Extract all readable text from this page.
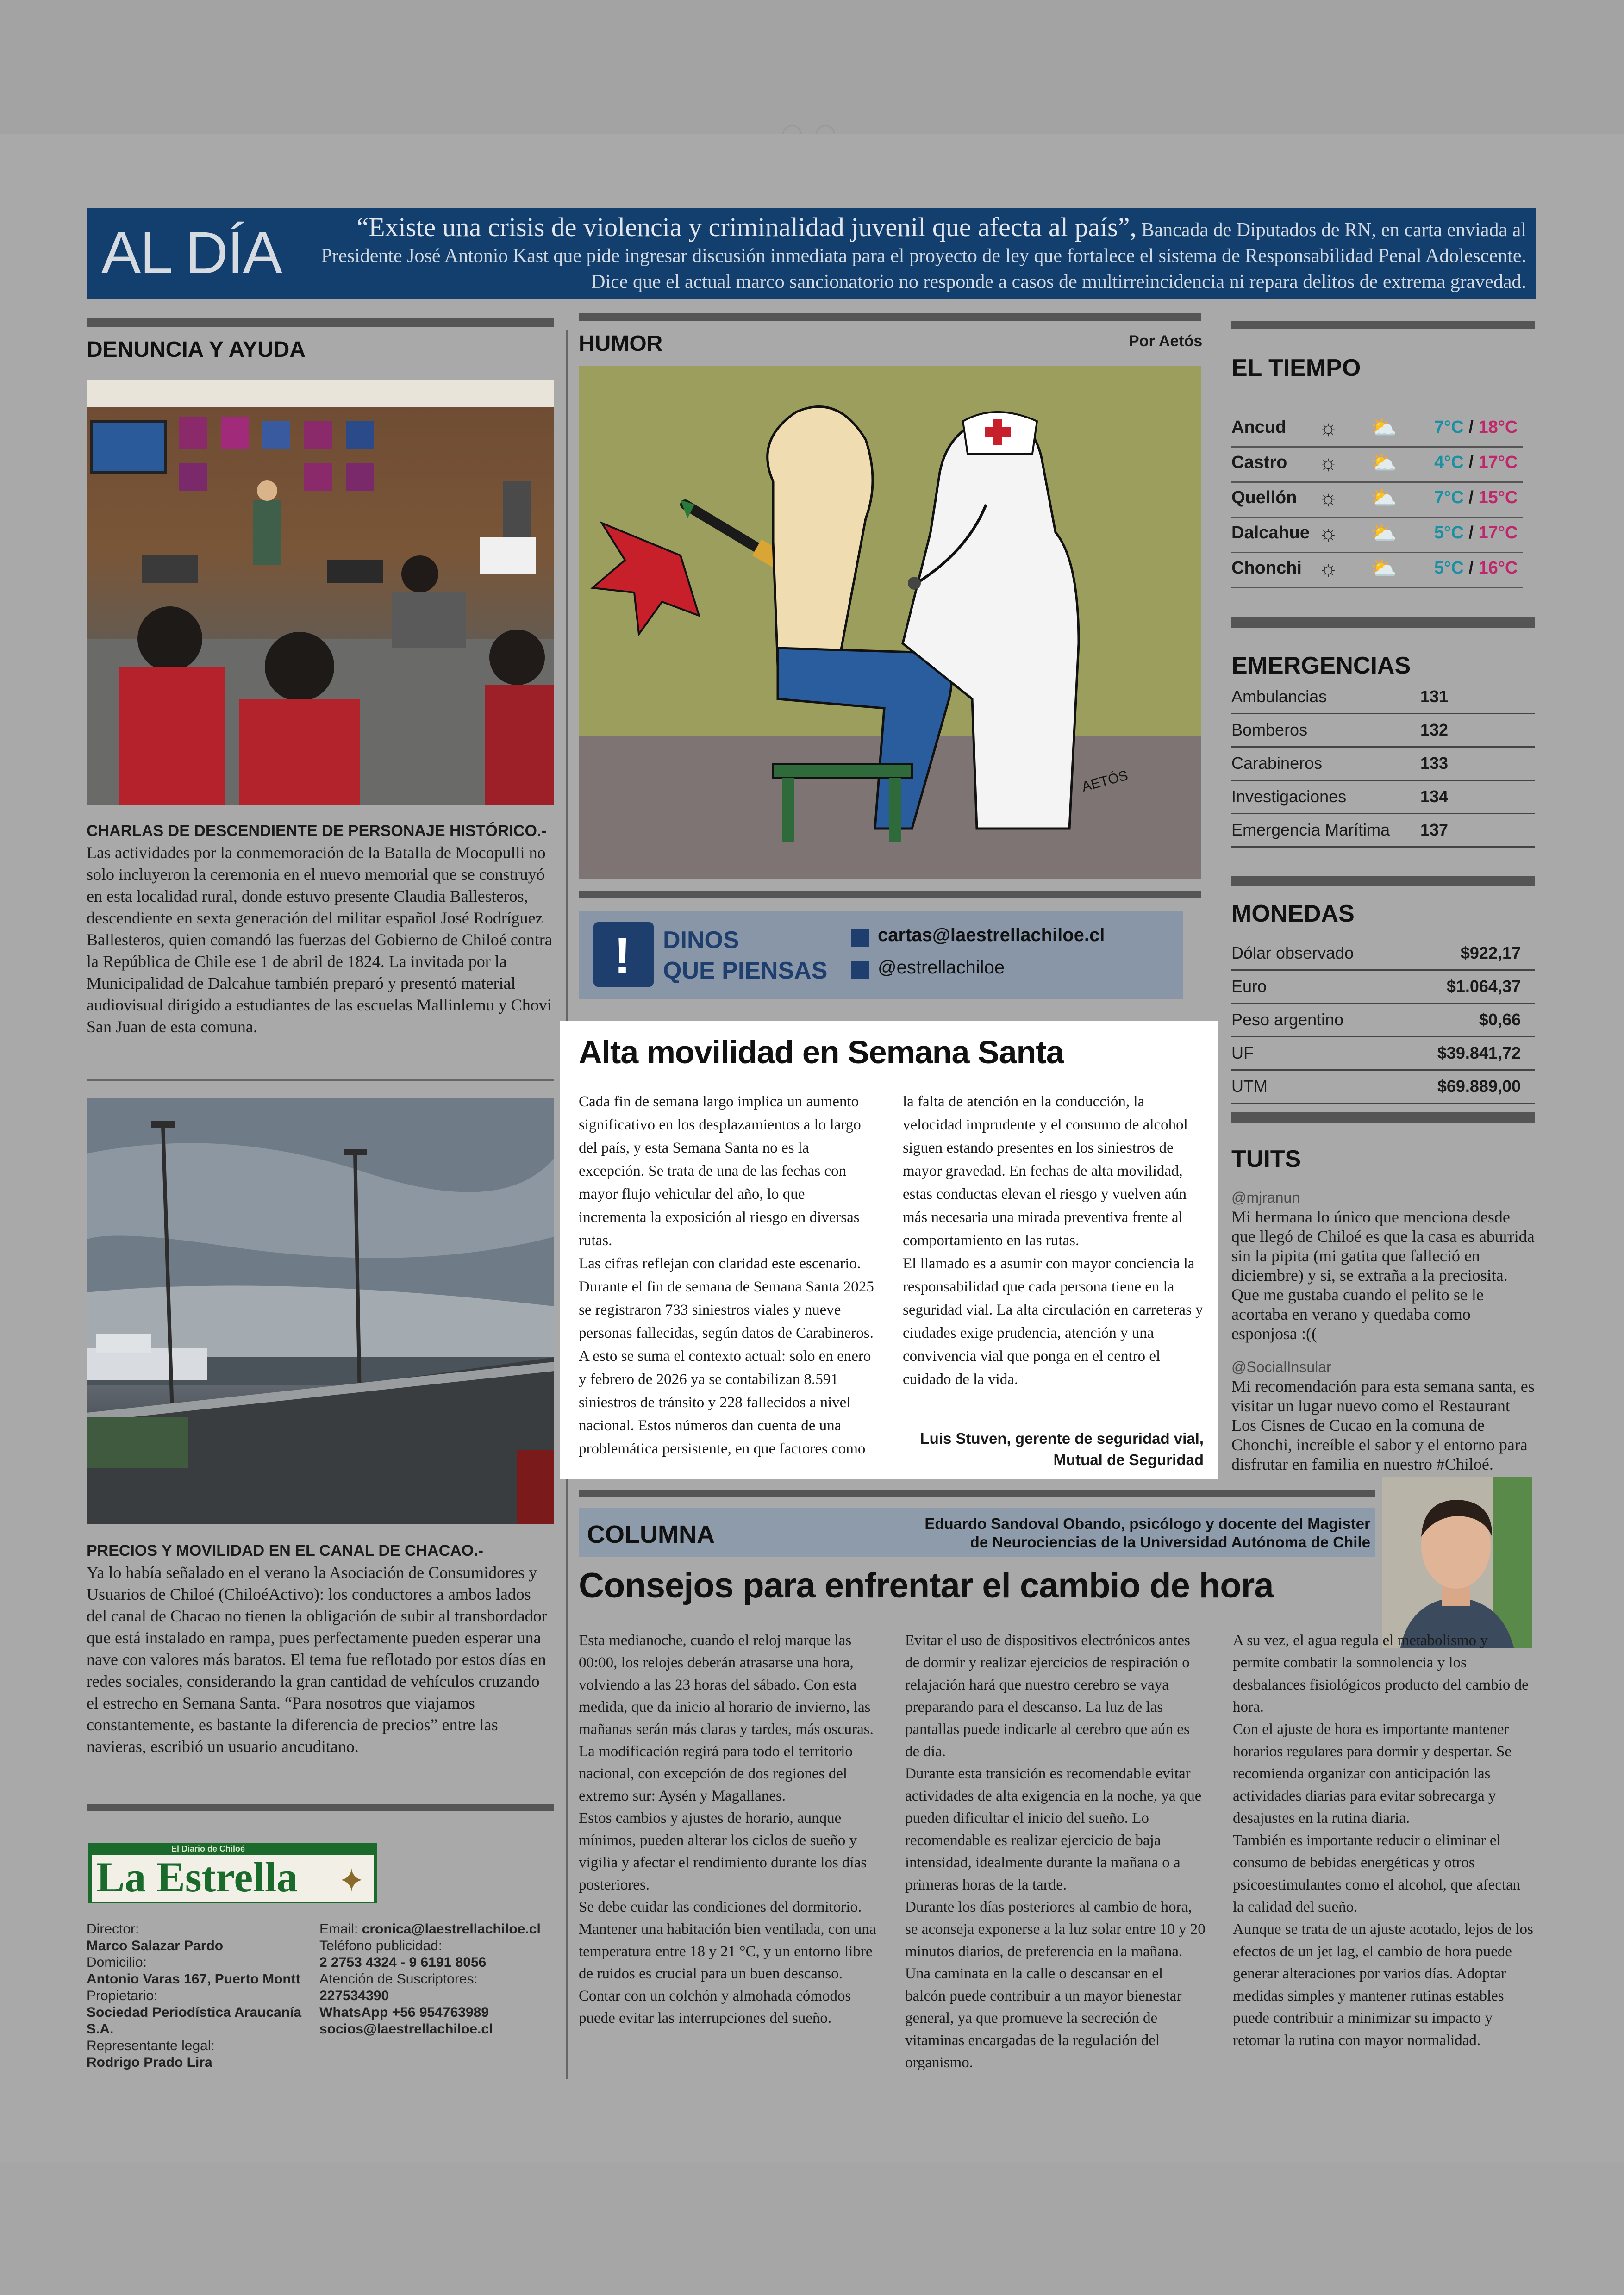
AL DÍA	“Existe una crisis de violencia y criminalidad juvenil que afecta al país”, Bancada de Diputados de RN, en carta enviada al Presidente José Antonio Kast que pide ingresar discusión inmediata para el proyecto de ley que fortalece el sistema de Responsabilidad Penal Adolescente. Dice que el actual marco sancionatorio no responde a casos de multirreincidencia ni repara delitos de extrema gravedad.
DENUNCIA Y AYUDA
CHARLAS DE DESCENDIENTE DE PERSONAJE HISTÓRICO.-
Las actividades por la conmemoración de la Batalla de Mocopulli no solo incluyeron la ceremonia en el nuevo memorial que se construyó en esta localidad rural, donde estuvo presente Claudia Ballesteros, descendiente en sexta generación del militar español José Rodríguez Ballesteros, quien comandó las fuerzas del Gobierno de Chiloé contra la República de Chile ese 1 de abril de 1824. La invitada por la Municipalidad de Dalcahue también preparó y presentó material audiovisual dirigido a estudiantes de las escuelas Mallinlemu y Chovi San Juan de esta comuna.
PRECIOS Y MOVILIDAD EN EL CANAL DE CHACAO.-
Ya lo había señalado en el verano la Asociación de Consumidores y Usuarios de Chiloé (ChiloéActivo): los conductores a ambos lados del canal de Chacao no tienen la obligación de subir al transbordador que está instalado en rampa, pues perfectamente pueden esperar una nave con valores más baratos. El tema fue reflotado por estos días en redes sociales, considerando la gran cantidad de vehículos cruzando el estrecho en Semana Santa. “Para nosotros que viajamos constantemente, es bastante la diferencia de precios” entre las navieras, escribió un usuario ancuditano.
El Diario de Chiloé
La Estrella ✦
Director:
Marco Salazar Pardo
Domicilio:
Antonio Varas 167, Puerto Montt
Propietario:
Sociedad Periodística Araucanía S.A.
Representante legal:
Rodrigo Prado Lira
Email: cronica@laestrellachiloe.cl
Teléfono publicidad:
2 2753 4324 - 9 6191 8056
Atención de Suscriptores:
227534390
WhatsApp +56 954763989
socios@laestrellachiloe.cl
HUMOR	Por Aetós
AETÓS
! DINOS
QUE PIENSAS
cartas@laestrellachiloe.cl
@estrellachiloe
Alta movilidad en Semana Santa
Cada fin de semana largo implica un aumento significativo en los desplazamientos a lo largo del país, y esta Semana Santa no es la excepción. Se trata de una de las fechas con mayor flujo vehicular del año, lo que incrementa la exposición al riesgo en diversas rutas.
Las cifras reflejan con claridad este escenario. Durante el fin de semana de Semana Santa 2025 se registraron 733 siniestros viales y nueve personas fallecidas, según datos de Carabineros. A esto se suma el contexto actual: solo en enero y febrero de 2026 ya se contabilizan 8.591 siniestros de tránsito y 228 fallecidos a nivel nacional. Estos números dan cuenta de una problemática persistente, en que factores como
la falta de atención en la conducción, la velocidad imprudente y el consumo de alcohol siguen estando presentes en los siniestros de mayor gravedad. En fechas de alta movilidad, estas conductas elevan el riesgo y vuelven aún más necesaria una mirada preventiva frente al comportamiento en las rutas.
El llamado es a asumir con mayor conciencia la responsabilidad que cada persona tiene en la seguridad vial. La alta circulación en carreteras y ciudades exige prudencia, atención y una convivencia vial que ponga en el centro el cuidado de la vida.
Luis Stuven, gerente de seguridad vial,
Mutual de Seguridad
EL TIEMPO
Ancud ☼ ⛅ 7°C / 18°C
Castro ☼ ⛅ 4°C / 17°C
Quellón ☼ ⛅ 7°C / 15°C
Dalcahue ☼ ⛅ 5°C / 17°C
Chonchi ☼ ⛅ 5°C / 16°C
EMERGENCIAS
Ambulancias	131
Bomberos	132
Carabineros	133
Investigaciones	134
Emergencia Marítima 137
MONEDAS
Dólar observado	$922,17
Euro	$1.064,37
Peso argentino	$0,66
UF	$39.841,72
UTM	$69.889,00
TUITS
@mjranun
Mi hermana lo único que menciona desde que llegó de Chiloé es que la casa es aburrida sin la pipita (mi gatita que falleció en diciembre) y si, se extraña a la preciosita. Que me gustaba cuando el pelito se le acortaba en verano y quedaba como esponjosa :((
@SocialInsular
Mi recomendación para esta semana santa, es visitar un lugar nuevo como el Restaurant Los Cisnes de Cucao en la comuna de Chonchi, increíble el sabor y el entorno para disfrutar en familia en nuestro #Chiloé.
COLUMNA	Eduardo Sandoval Obando, psicólogo y docente del Magister
de Neurociencias de la Universidad Autónoma de Chile
Consejos para enfrentar el cambio de hora
Esta medianoche, cuando el reloj marque las 00:00, los relojes deberán atrasarse una hora, volviendo a las 23 horas del sábado. Con esta medida, que da inicio al horario de invierno, las mañanas serán más claras y tardes, más oscuras.
La modificación regirá para todo el territorio nacional, con excepción de dos regiones del extremo sur: Aysén y Magallanes.
Estos cambios y ajustes de horario, aunque mínimos, pueden alterar los ciclos de sueño y vigilia y afectar el rendimiento durante los días posteriores.
Se debe cuidar las condiciones del dormitorio. Mantener una habitación bien ventilada, con una temperatura entre 18 y 21 °C, y un entorno libre de ruidos es crucial para un buen descanso. Contar con un colchón y almohada cómodos puede evitar las interrupciones del sueño.
Evitar el uso de dispositivos electrónicos antes de dormir y realizar ejercicios de respiración o relajación hará que nuestro cerebro se vaya preparando para el descanso. La luz de las pantallas puede indicarle al cerebro que aún es de día.
Durante esta transición es recomendable evitar actividades de alta exigencia en la noche, ya que pueden dificultar el inicio del sueño. Lo recomendable es realizar ejercicio de baja intensidad, idealmente durante la mañana o a primeras horas de la tarde.
Durante los días posteriores al cambio de hora, se aconseja exponerse a la luz solar entre 10 y 20 minutos diarios, de preferencia en la mañana. Una caminata en la calle o descansar en el balcón puede contribuir a un mayor bienestar general, ya que promueve la secreción de vitaminas encargadas de la regulación del organismo.
A su vez, el agua regula el metabolismo y permite combatir la somnolencia y los desbalances fisiológicos producto del cambio de hora.
Con el ajuste de hora es importante mantener horarios regulares para dormir y despertar. Se recomienda organizar con anticipación las actividades diarias para evitar sobrecarga y desajustes en la rutina diaria.
También es importante reducir o eliminar el consumo de bebidas energéticas y otros psicoestimulantes como el alcohol, que afectan la calidad del sueño.
Aunque se trata de un ajuste acotado, lejos de los efectos de un jet lag, el cambio de hora puede generar alteraciones por varios días. Adoptar medidas simples y mantener rutinas estables puede contribuir a minimizar su impacto y retomar la rutina con mayor normalidad.
